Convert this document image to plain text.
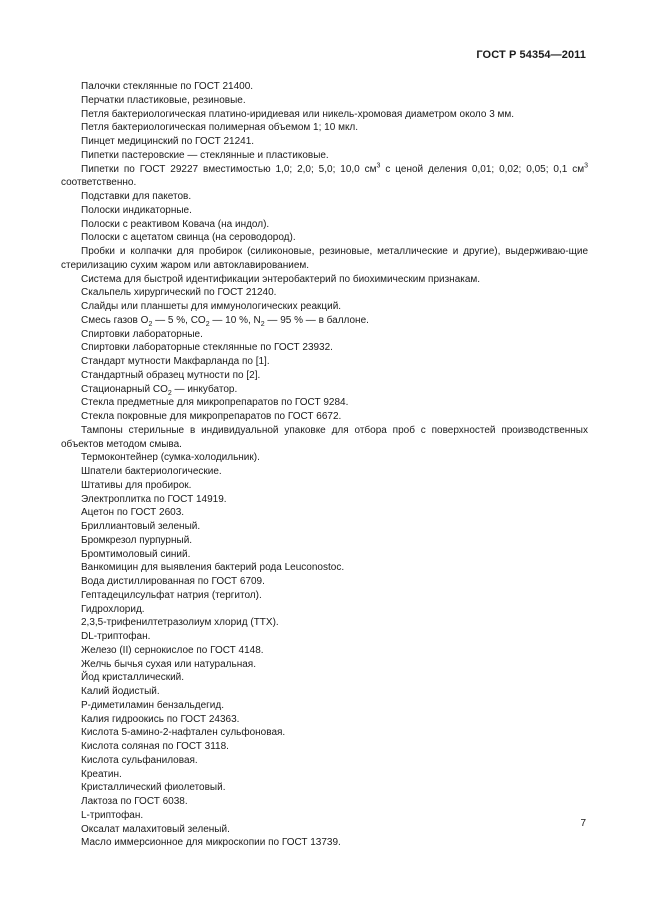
ГОСТ Р 54354—2011

Палочки стеклянные по ГОСТ 21400.

Перчатки пластиковые, резиновые.

Петля бактериологическая платино-иридиевая или никель-хромовая диаметром около 3 мм.

Петля бактериологическая полимерная объемом 1; 10 мкл.

Пинцет медицинский по ГОСТ 21241.

Пипетки пастеровские — стеклянные и пластиковые.

Пипетки по ГОСТ 29227 вместимостью 1,0; 2,0; 5,0; 10,0 $см^3$ с ценой деления 0,01; 0,02; 0,05; 0,1 $см^3$ соответственно.

Подставки для пакетов.

Полоски индикаторные.

Полоски с реактивом Ковача (на индол).

Полоски с ацетатом свинца (на сероводород).

Пробки и колпачки для пробирок (силиконовые, резиновые, металлические и другие), выдерживаю-щие стерилизацию сухим жаром или автоклавированием.

Система для быстрой идентификации энтеробактерий по биохимическим признакам.

Скальпель хирургический по ГОСТ 21240.

Слайды или планшеты для иммунологических реакций.

Смесь газов $O_2$ — 5 %, $CO_2$ — 10 %, $N_2$ — 95 % — в баллоне.

Спиртовки лабораторные.

Спиртовки лабораторные стеклянные по ГОСТ 23932.

Стандарт мутности Макфарланда по [1].

Стандартный образец мутности по [2].

Стационарный $CO_2$ — инкубатор.

Стекла предметные для микропрепаратов по ГОСТ 9284.

Стекла покровные для микропрепаратов по ГОСТ 6672.

Тампоны стерильные в индивидуальной упаковке для отбора проб с поверхностей производственных объектов методом смыва.

Термоконтейнер (сумка-холодильник).

Шпатели бактериологические.

Штативы для пробирок.

Электроплитка по ГОСТ 14919.

Ацетон по ГОСТ 2603.

Бриллиантовый зеленый.

Бромкрезол пурпурный.

Бромтимоловый синий.

Ванкомицин для выявления бактерий рода Leuconostoc.

Вода дистиллированная по ГОСТ 6709.

Гептадецилсульфат натрия (тергитол).

Гидрохлорид.

2,3,5-трифенилтетразолиум хлорид (ТТХ).

DL-триптофан.

Железо (II) сернокислое по ГОСТ 4148.

Желчь бычья сухая или натуральная.

Йод кристаллический.

Калий йодистый.

Р-диметиламин бензальдегид.

Калия гидроокись по ГОСТ 24363.

Кислота 5-амино-2-нафтален сульфоновая.

Кислота соляная по ГОСТ 3118.

Кислота сульфаниловая.

Креатин.

Кристаллический фиолетовый.

Лактоза по ГОСТ 6038.

L-триптофан.

Оксалат малахитовый зеленый.

Масло иммерсионное для микроскопии по ГОСТ 13739.

7
